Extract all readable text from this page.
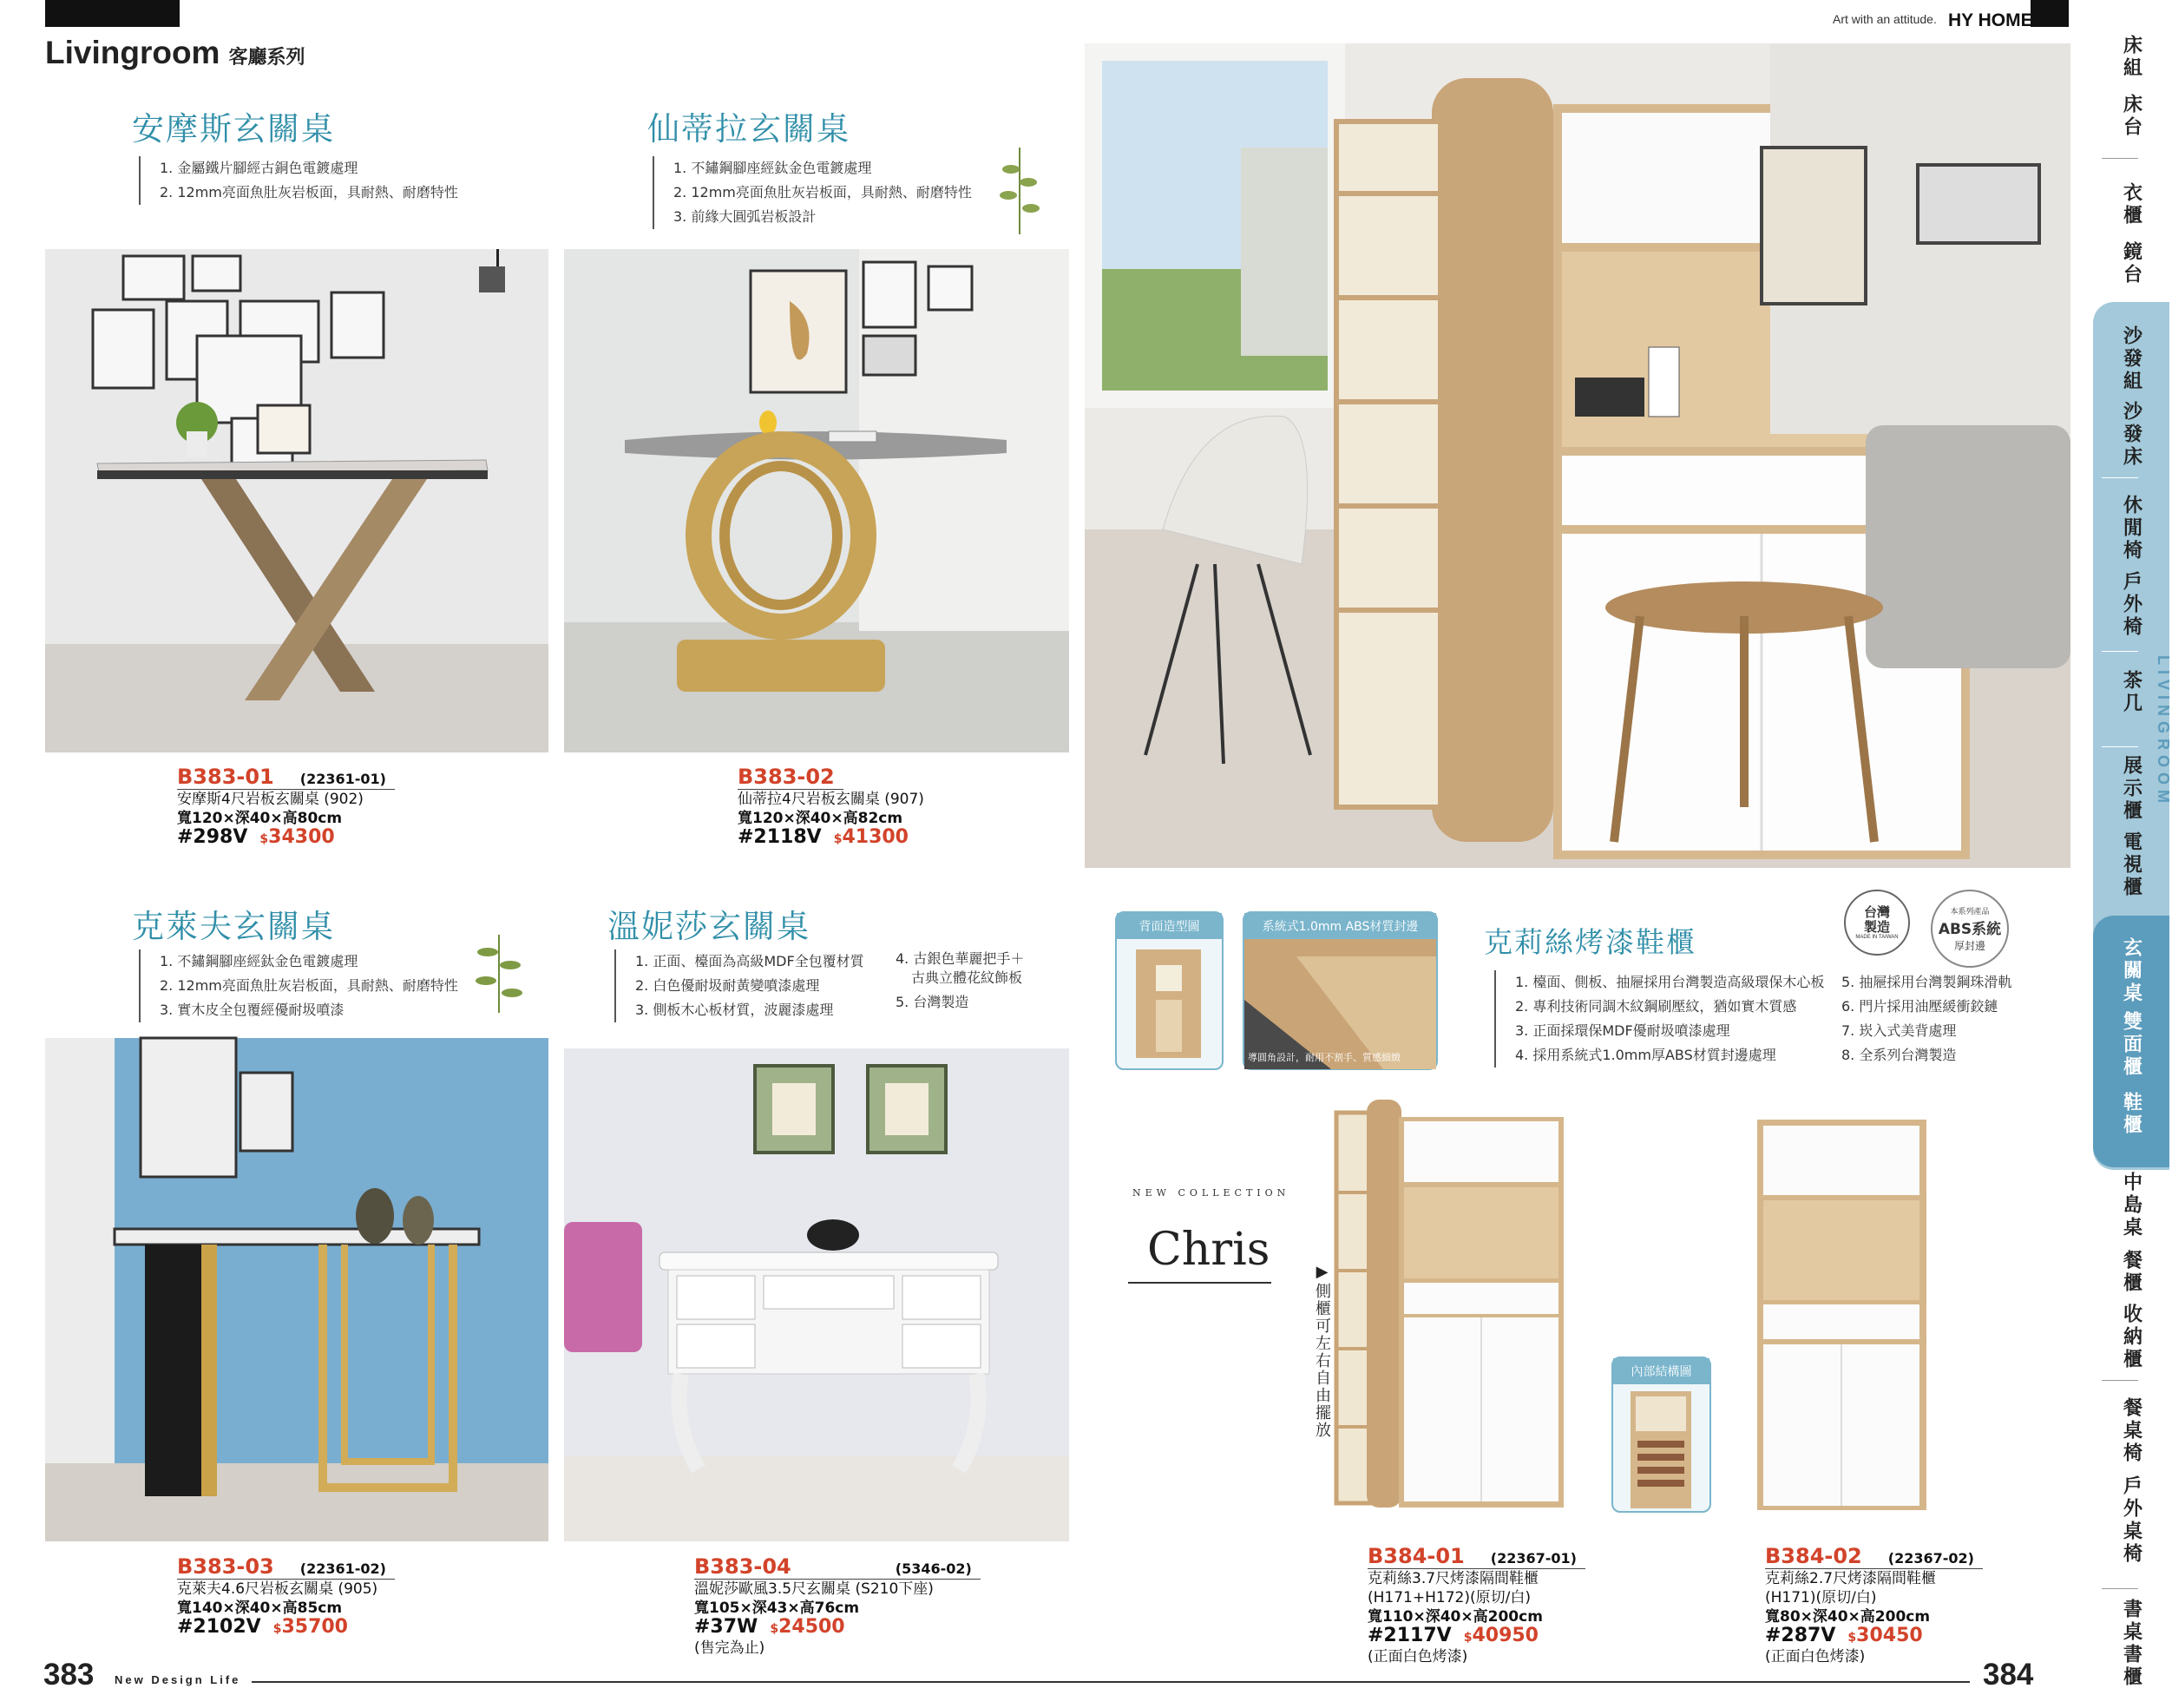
Livingroom 客廳系列
Art with an attitude. HY HOME
安摩斯玄關桌
1. 金屬鐵片腳經古銅色電鍍處理
2. 12mm亮面魚肚灰岩板面，具耐熱、耐磨特性
B383-01 (22361-01)
安摩斯4尺岩板玄關桌 (902)
寬120×深40×高80cm
#298V $34300
仙蒂拉玄關桌
1. 不鏽鋼腳座經鈦金色電鍍處理
2. 12mm亮面魚肚灰岩板面，具耐熱、耐磨特性
3. 前緣大圓弧岩板設計
B383-02
仙蒂拉4尺岩板玄關桌 (907)
寬120×深40×高82cm
#2118V $41300
克萊夫玄關桌
1. 不鏽鋼腳座經鈦金色電鍍處理
2. 12mm亮面魚肚灰岩板面，具耐熱、耐磨特性
3. 實木皮全包覆經優耐圾噴漆
B383-03 (22361-02)
克萊夫4.6尺岩板玄關桌 (905)
寬140×深40×高85cm
#2102V $35700
溫妮莎玄關桌
1. 正面、檯面為高級MDF全包覆材質
2. 白色優耐圾耐黃變噴漆處理
3. 側板木心板材質，波麗漆處理
4. 古銀色華麗把手＋
古典立體花紋飾板
5. 台灣製造
B383-04	(5346-02)
溫妮莎歐風3.5尺玄關桌 (S210下座)
寬105×深43×高76cm
#37W $24500
(售完為止)
背面造型圖	系統式1.0mm ABS材質封邊
導圓角設計，耐用不割手、質感細緻
克莉絲烤漆鞋櫃
台灣製造
MADE IN TAIWAN
本系列產品
ABS系統
厚封邊
1. 檯面、側板、抽屜採用台灣製造高級環保木心板
2. 專利技術同調木紋鋼刷壓紋，猶如實木質感
3. 正面採環保MDF優耐圾噴漆處理
4. 採用系統式1.0mm厚ABS材質封邊處理
5. 抽屜採用台灣製鋼珠滑軌
6. 門片採用油壓緩衝鉸鏈
7. 崁入式美背處理
8. 全系列台灣製造
NEW COLLECTION
Chris
▶側櫃可左右自由擺放	內部結構圖
B384-01 (22367-01)
克莉絲3.7尺烤漆隔間鞋櫃
(H171+H172)(原切/白)
寬110×深40×高200cm
#2117V $40950
(正面白色烤漆)
B384-02 (22367-02)
克莉絲2.7尺烤漆隔間鞋櫃
(H171)(原切/白)
寬80×深40×高200cm
#287V $30450
(正面白色烤漆)
383 New Design Life	384
LIVINGROOM
床組
床台
衣櫃
鏡台
沙發組
沙發床
休閒椅
戶外椅
茶几
展示櫃
電視櫃
玄關桌
雙面櫃
鞋櫃
中島桌
餐櫃
收納櫃
餐桌椅
戶外桌椅
書桌書櫃
